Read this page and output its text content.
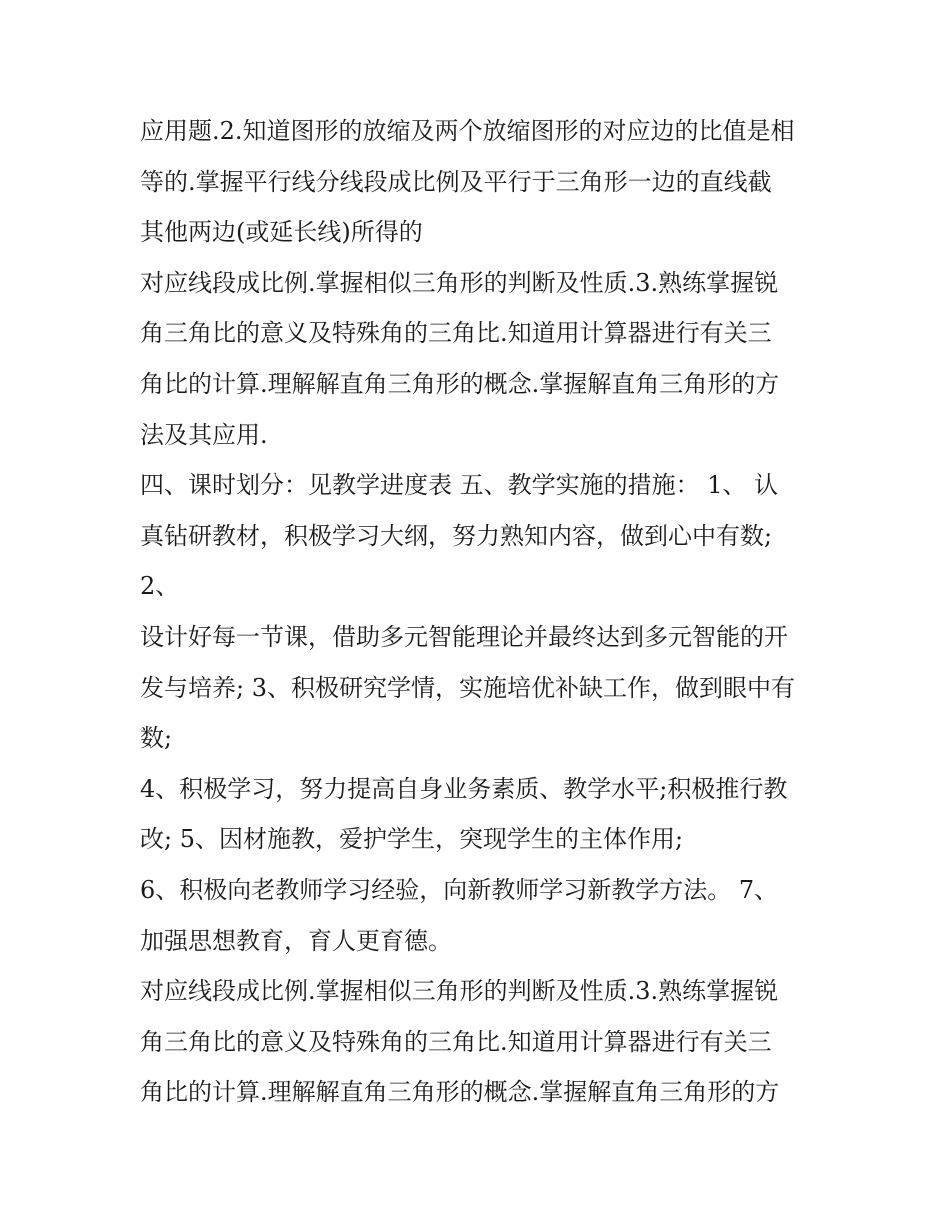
应用题.2.知道图形的放缩及两个放缩图形的对应边的比值是相
等的.掌握平行线分线段成比例及平行于三角形一边的直线截
其他两边(或延长线)所得的
对应线段成比例.掌握相似三角形的判断及性质.3.熟练掌握锐
角三角比的意义及特殊角的三角比.知道用计算器进行有关三
角比的计算.理解解直角三角形的概念.掌握解直角三角形的方
法及其应用.
四、课时划分：见教学进度表 五、教学实施的措施： 1、 认
真钻研教材，积极学习大纲，努力熟知内容，做到心中有数;
2、
设计好每一节课，借助多元智能理论并最终达到多元智能的开
发与培养; 3、积极研究学情，实施培优补缺工作，做到眼中有
数;
4、积极学习，努力提高自身业务素质、教学水平;积极推行教
改; 5、因材施教，爱护学生，突现学生的主体作用;
6、积极向老教师学习经验，向新教师学习新教学方法。 7、
加强思想教育，育人更育德。
对应线段成比例.掌握相似三角形的判断及性质.3.熟练掌握锐
角三角比的意义及特殊角的三角比.知道用计算器进行有关三
角比的计算.理解解直角三角形的概念.掌握解直角三角形的方
